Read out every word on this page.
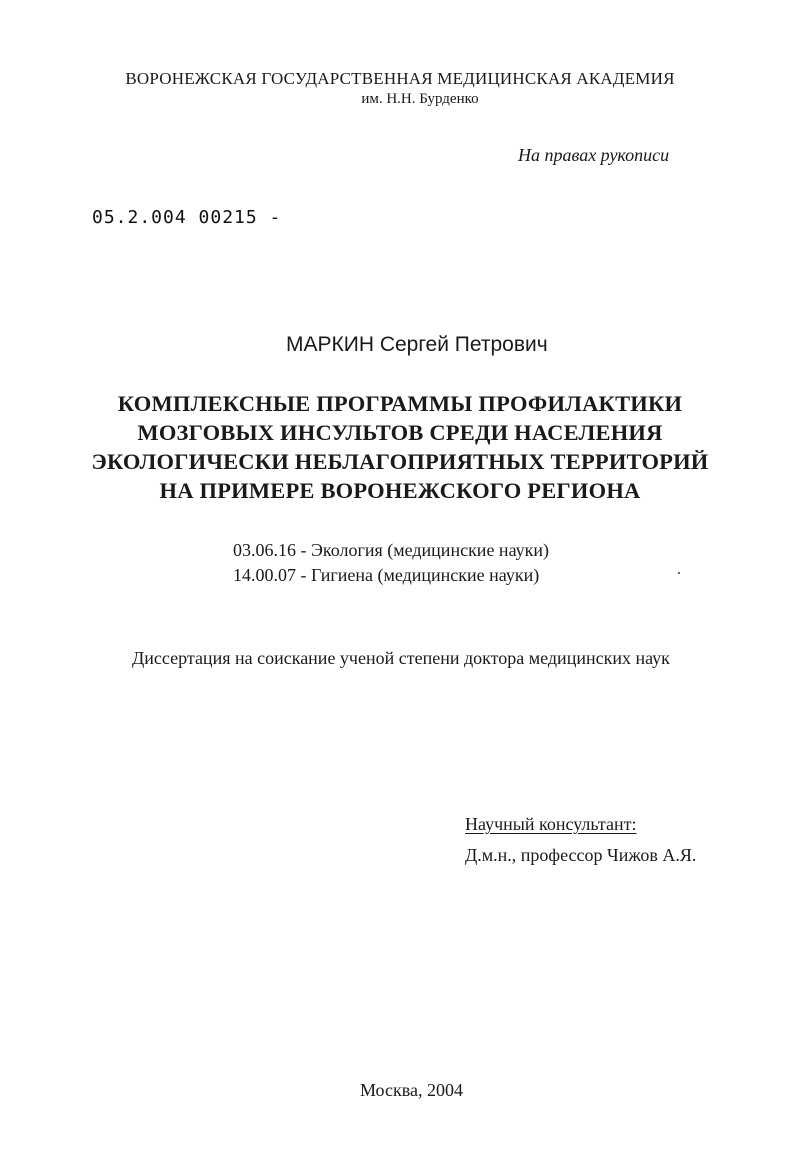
ВОРОНЕЖСКАЯ ГОСУДАРСТВЕННАЯ МЕДИЦИНСКАЯ АКАДЕМИЯ
им. Н.Н. Бурденко
На правах рукописи
05.2.004 00215 -
МАРКИН Сергей Петрович
КОМПЛЕКСНЫЕ ПРОГРАММЫ ПРОФИЛАКТИКИ
МОЗГОВЫХ ИНСУЛЬТОВ СРЕДИ НАСЕЛЕНИЯ
ЭКОЛОГИЧЕСКИ НЕБЛАГОПРИЯТНЫХ ТЕРРИТОРИЙ
НА ПРИМЕРЕ ВОРОНЕЖСКОГО РЕГИОНА
03.06.16 - Экология (медицинские науки)
14.00.07 - Гигиена (медицинские науки)
Диссертация на соискание ученой степени доктора медицинских наук
Научный консультант:
Д.м.н., профессор Чижов А.Я.
Москва, 2004
